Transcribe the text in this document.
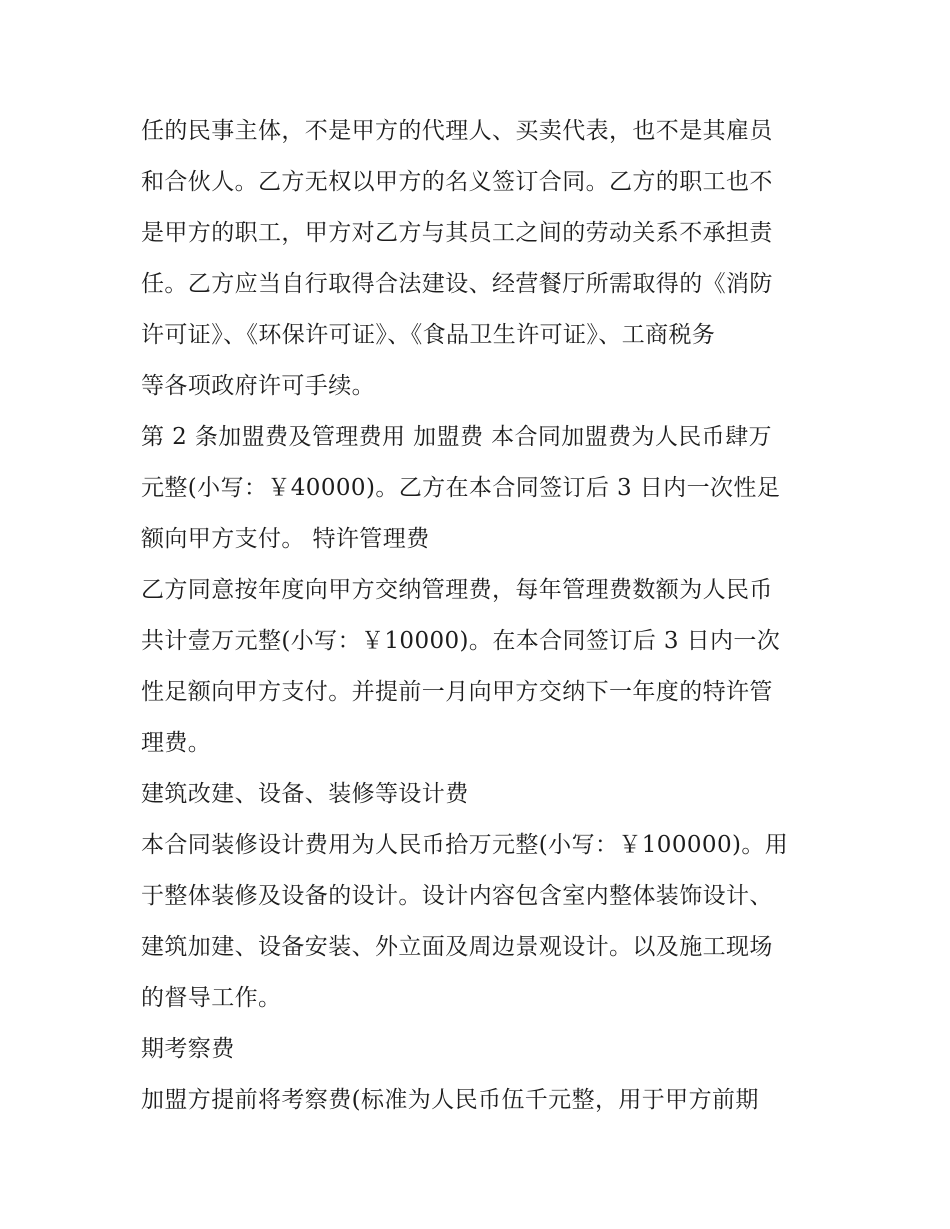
任的民事主体，不是甲方的代理人、买卖代表，也不是其雇员
和合伙人。乙方无权以甲方的名义签订合同。乙方的职工也不
是甲方的职工，甲方对乙方与其员工之间的劳动关系不承担责
任。乙方应当自行取得合法建设、经营餐厅所需取得的《消防
许可证》、《环保许可证》、《食品卫生许可证》、工商税务
等各项政府许可手续。
第 2 条加盟费及管理费用 加盟费 本合同加盟费为人民币肆万
元整(小写：￥40000)。乙方在本合同签订后 3 日内一次性足
额向甲方支付。 特许管理费
乙方同意按年度向甲方交纳管理费，每年管理费数额为人民币
共计壹万元整(小写：￥10000)。在本合同签订后 3 日内一次
性足额向甲方支付。并提前一月向甲方交纳下一年度的特许管
理费。
建筑改建、设备、装修等设计费
本合同装修设计费用为人民币拾万元整(小写：￥100000)。用
于整体装修及设备的设计。设计内容包含室内整体装饰设计、
建筑加建、设备安装、外立面及周边景观设计。以及施工现场
的督导工作。
期考察费
加盟方提前将考察费(标准为人民币伍千元整，用于甲方前期
